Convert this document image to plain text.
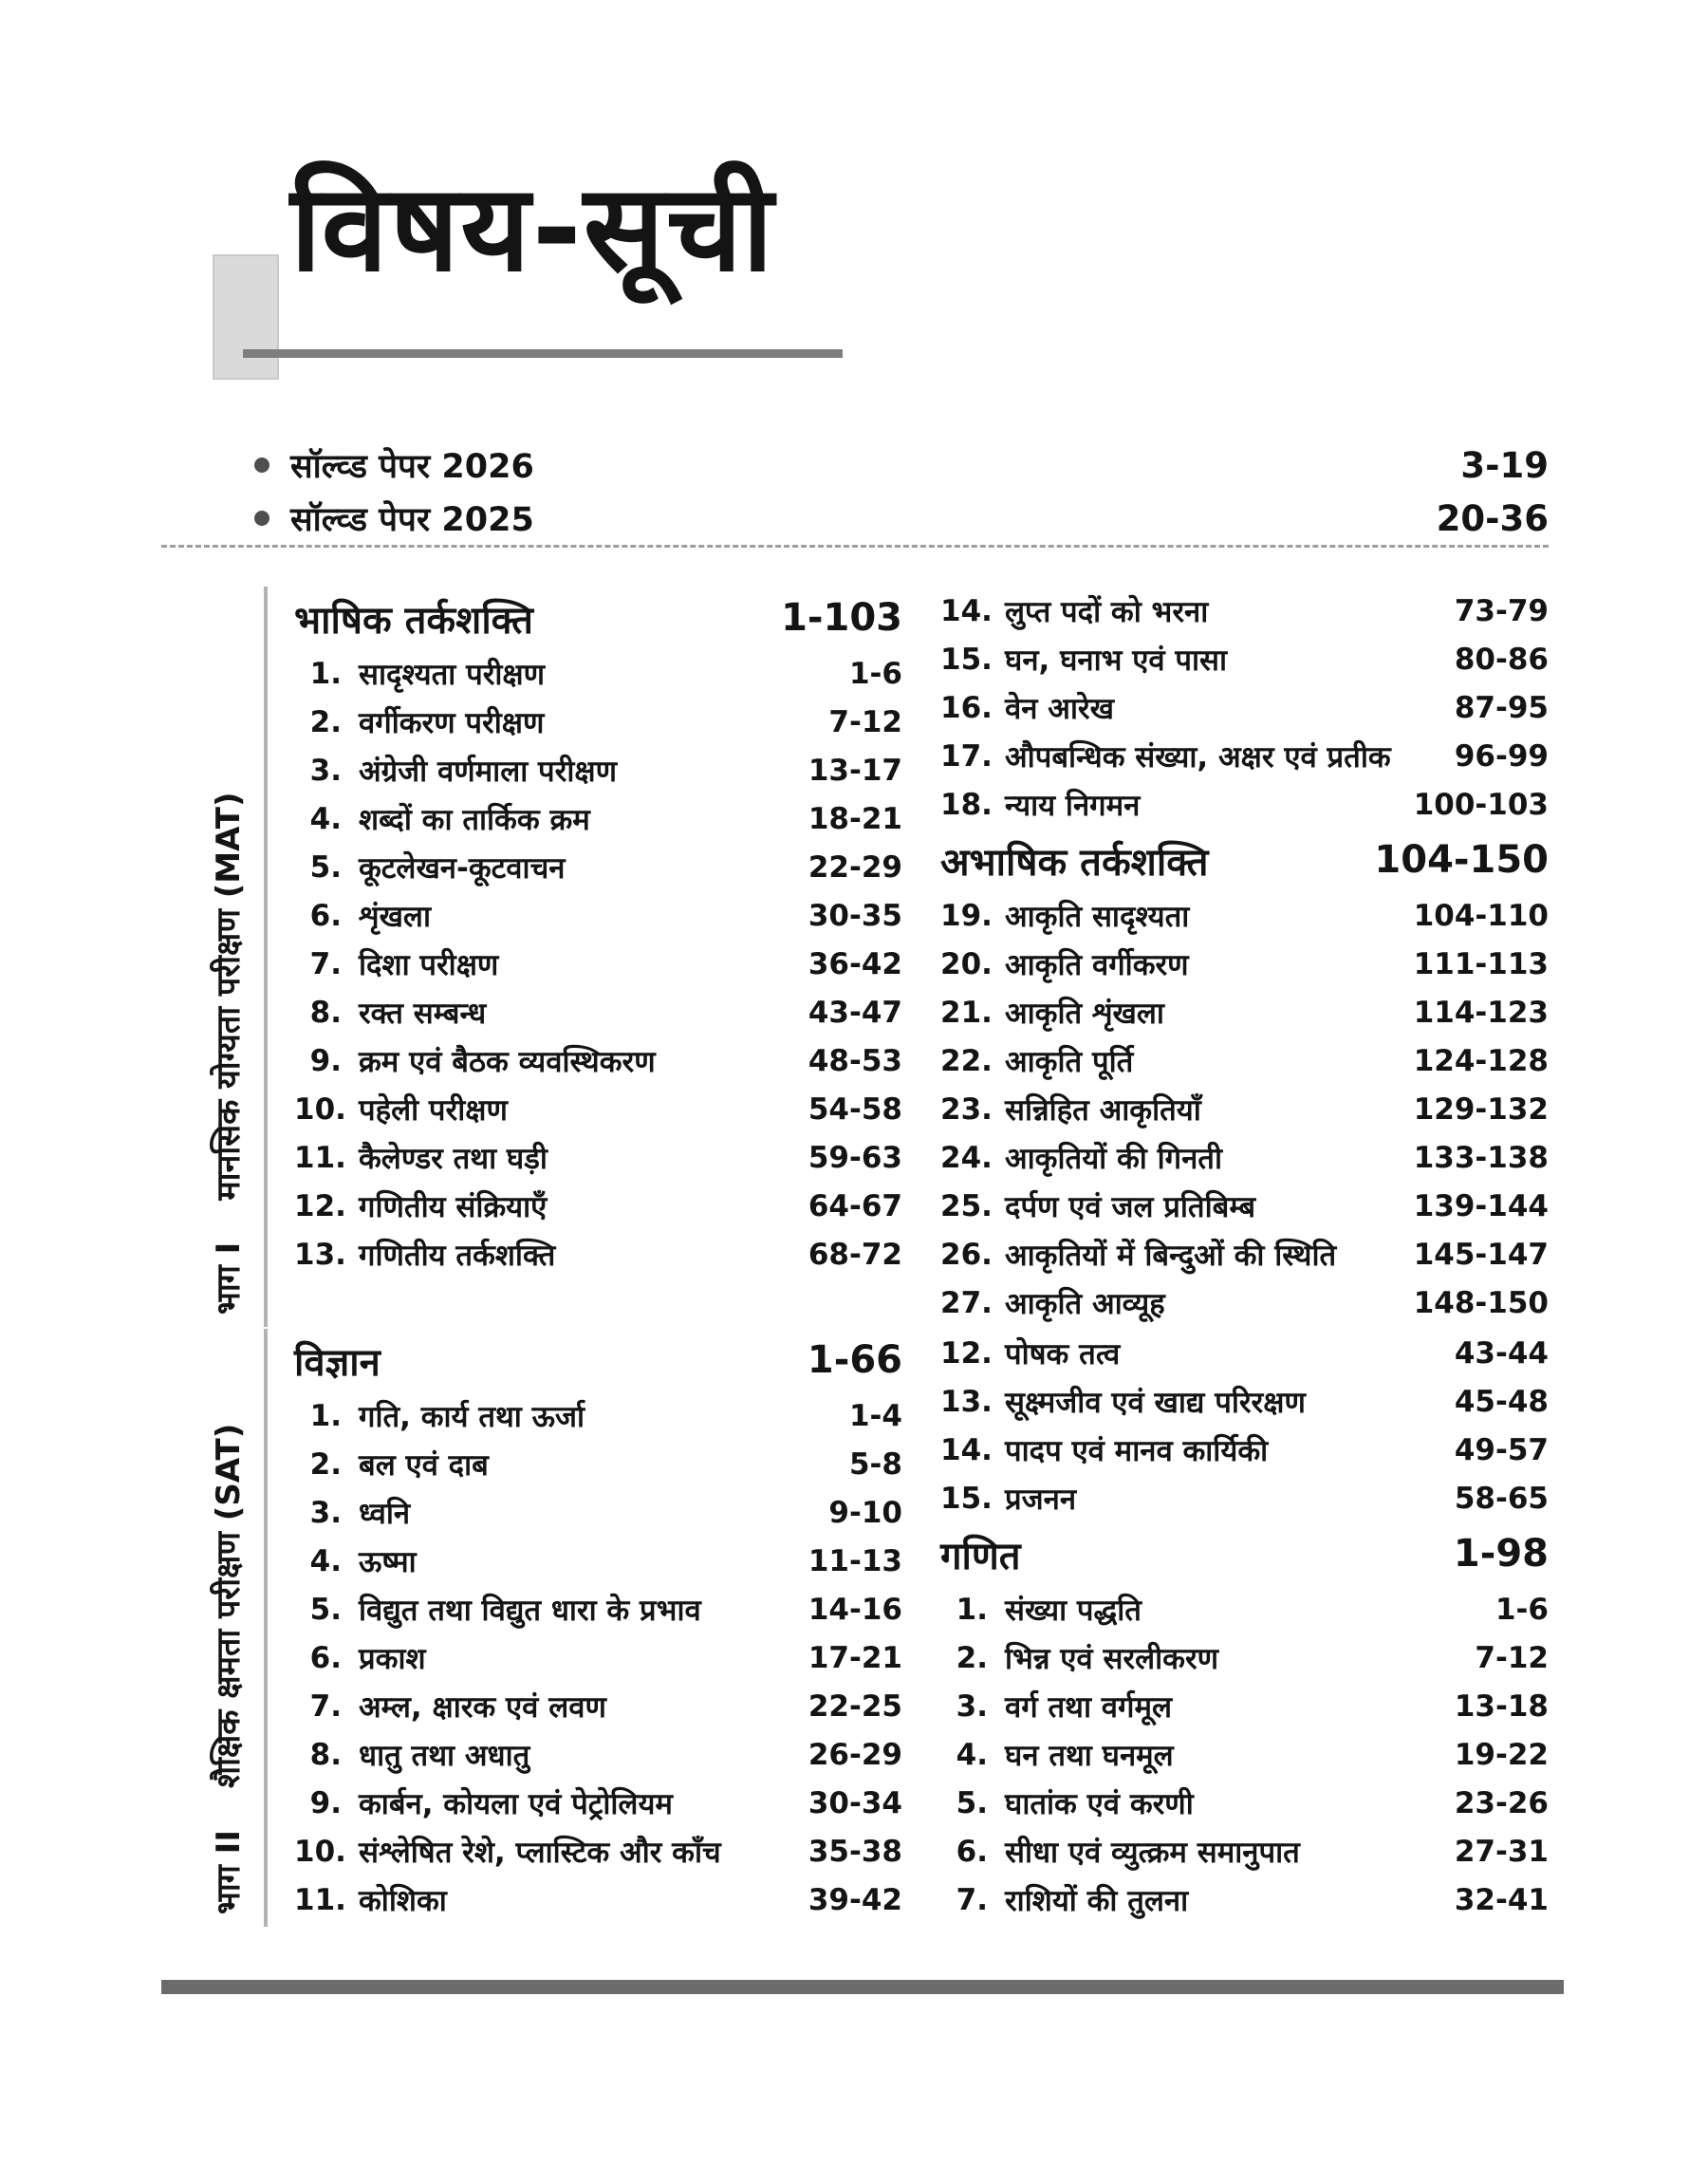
विषय-सूची
सॉल्व्ड पेपर 2026	3-19
सॉल्व्ड पेपर 2025	20-36
भाग I
मानसिक योग्यता परीक्षण (MAT)
भाषिक तर्कशक्ति	1-103
1. सादृश्यता परीक्षण	1-6
2. वर्गीकरण परीक्षण	7-12
3. अंग्रेजी वर्णमाला परीक्षण	13-17
4. शब्दों का तार्किक क्रम	18-21
5. कूटलेखन-कूटवाचन	22-29
6. शृंखला	30-35
7. दिशा परीक्षण	36-42
8. रक्त सम्बन्ध	43-47
9. क्रम एवं बैठक व्यवस्थिकरण	48-53
10. पहेली परीक्षण	54-58
11. कैलेण्डर तथा घड़ी	59-63
12. गणितीय संक्रियाएँ	64-67
13. गणितीय तर्कशक्ति	68-72
14. लुप्त पदों को भरना	73-79
15. घन, घनाभ एवं पासा	80-86
16. वेन आरेख	87-95
17. औपबन्धिक संख्या, अक्षर एवं प्रतीक 96-99
18. न्याय निगमन	100-103
अभाषिक तर्कशक्ति	104-150
19. आकृति सादृश्यता	104-110
20. आकृति वर्गीकरण	111-113
21. आकृति शृंखला	114-123
22. आकृति पूर्ति	124-128
23. सन्निहित आकृतियाँ	129-132
24. आकृतियों की गिनती	133-138
25. दर्पण एवं जल प्रतिबिम्ब	139-144
26. आकृतियों में बिन्दुओं की स्थिति	145-147
27. आकृति आव्यूह	148-150
भाग II
शैक्षिक क्षमता परीक्षण (SAT)
विज्ञान	1-66
1. गति, कार्य तथा ऊर्जा	1-4
2. बल एवं दाब	5-8
3. ध्वनि	9-10
4. ऊष्मा	11-13
5. विद्युत तथा विद्युत धारा के प्रभाव	14-16
6. प्रकाश	17-21
7. अम्ल, क्षारक एवं लवण	22-25
8. धातु तथा अधातु	26-29
9. कार्बन, कोयला एवं पेट्रोलियम	30-34
10. संश्लेषित रेशे, प्लास्टिक और काँच	35-38
11. कोशिका	39-42
12. पोषक तत्व	43-44
13. सूक्ष्मजीव एवं खाद्य परिरक्षण	45-48
14. पादप एवं मानव कार्यिकी	49-57
15. प्रजनन	58-65
गणित	1-98
1. संख्या पद्धति	1-6
2. भिन्न एवं सरलीकरण	7-12
3. वर्ग तथा वर्गमूल	13-18
4. घन तथा घनमूल	19-22
5. घातांक एवं करणी	23-26
6. सीधा एवं व्युत्क्रम समानुपात	27-31
7. राशियों की तुलना	32-41
